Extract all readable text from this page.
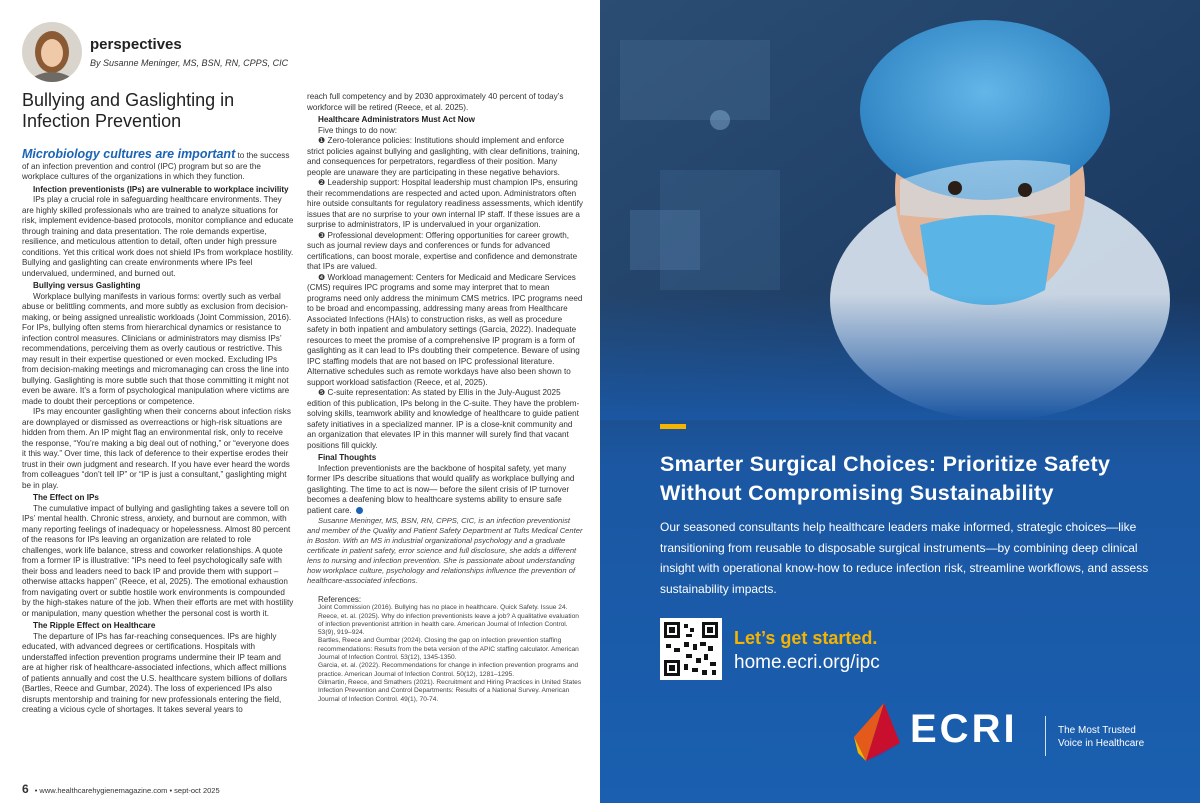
perspectives
By Susanne Meninger, MS, BSN, RN, CPPS, CIC
Bullying and Gaslighting in Infection Prevention

Microbiology cultures are important to the success of an infection prevention and control (IPC) program but so are the workplace cultures of the organizations in which they function.

Infection preventionists (IPs) are vulnerable to workplace incivility

IPs play a crucial role in safeguarding healthcare environments. They are highly skilled professionals who are trained to analyze situations for risk, implement evidence-based protocols, monitor compliance and educate through training and data presentation. The role demands expertise, resilience, and meticulous attention to detail, often under high pressure conditions. Yet this critical work does not shield IPs from workplace hostility. Bullying and gaslighting can create environments where IPs feel undervalued, undermined, and burned out.

Bullying versus Gaslighting

Workplace bullying manifests in various forms: overtly such as verbal abuse or belittling comments, and more subtly as exclusion from decision-making, or being assigned unrealistic workloads (Joint Commission, 2016). For IPs, bullying often stems from hierarchical dynamics or resistance to infection control measures. Clinicians or administrators may dismiss IPs’ recommendations, perceiving them as overly cautious or restrictive. This may result in their expertise questioned or even mocked. Excluding IPs from decision-making meetings and micromanaging can cross the line into bullying. Gaslighting is more subtle such that those committing it might not even be aware. It’s a form of psychological manipulation where victims are made to doubt their perceptions or competence.

IPs may encounter gaslighting when their concerns about infection risks are downplayed or dismissed as overreactions or high-risk situations are hidden from them. An IP might flag an environmental risk, only to receive the response, “You’re making a big deal out of nothing,” or “everyone does it this way.” Over time, this lack of deference to their expertise erodes their trust in their own judgment and research. If you have ever heard the words from colleagues “don’t tell IP” or “IP is just a consultant,” gaslighting might be in play.

The Effect on IPs

The cumulative impact of bullying and gaslighting takes a severe toll on IPs’ mental health. Chronic stress, anxiety, and burnout are common, with many reporting feelings of inadequacy or hopelessness. Almost 80 percent of the reasons for IPs leaving an organization are related to role challenges, work life balance, stress and coworker relationships. A quote from a former IP is illustrative: “IPs need to feel psychologically safe with their boss and leaders need to back IP and provide them with support – otherwise attacks happen” (Reece, et al, 2025). The emotional exhaustion from navigating overt or subtle hostile work environments is compounded by the high-stakes nature of the job. When their efforts are met with hostility or manipulation, many question whether the personal cost is worth it.

The Ripple Effect on Healthcare

The departure of IPs has far-reaching consequences. IPs are highly educated, with advanced degrees or certifications. Hospitals with understaffed infection prevention programs undermine their IP team and are at higher risk of healthcare-associated infections, which affect millions of patients annually and cost the U.S. healthcare system billions of dollars (Bartles, Reece and Gumbar, 2024). The loss of experienced IPs also disrupts mentorship and training for new professionals entering the field, creating a vicious cycle of shortages. It takes several years to

reach full competency and by 2030 approximately 40 percent of today’s workforce will be retired (Reece, et al. 2025).

Healthcare Administrators Must Act Now

Five things to do now:

❶ Zero-tolerance policies: Institutions should implement and enforce strict policies against bullying and gaslighting, with clear definitions, training, and consequences for perpetrators, regardless of their position. Many people are unaware they are participating in these negative behaviors.

❷ Leadership support: Hospital leadership must champion IPs, ensuring their recommendations are respected and acted upon. Administrators often hire outside consultants for regulatory readiness assessments, which identify issues that are no surprise to your own internal IP staff. If these issues are a surprise to administrators, IP is undervalued in your organization.

❸ Professional development: Offering opportunities for career growth, such as journal review days and conferences or funds for advanced certifications, can boost morale, expertise and confidence and demonstrate that IPs are valued.

❹ Workload management: Centers for Medicaid and Medicare Services (CMS) requires IPC programs and some may interpret that to mean programs need only address the minimum CMS metrics. IPC programs need to be broad and encompassing, addressing many areas from Healthcare Associated Infections (HAIs) to construction risks, as well as procedure safety in both inpatient and ambulatory settings (Garcia, 2022). Inadequate resources to meet the promise of a comprehensive IP program is a form of gaslighting as it can lead to IPs doubting their competence. Beware of using IPC staffing models that are not based on IPC professional literature. Alternative schedules such as remote workdays have also been shown to support workload satisfaction (Reece, et al, 2025).

❺ C-suite representation: As stated by Ellis in the July-August 2025 edition of this publication, IPs belong in the C-suite. They have the problem-solving skills, teamwork ability and knowledge of healthcare to guide patient safety initiatives in a specialized manner. IP is a close-knit community and an organization that elevates IP in this manner will surely find that vacant positions fill quickly.

Final Thoughts

Infection preventionists are the backbone of hospital safety, yet many former IPs describe situations that would qualify as workplace bullying and gaslighting. The time to act is now— before the silent crisis of IP turnover becomes a deafening blow to healthcare systems ability to ensure safe patient care.

Susanne Meninger, MS, BSN, RN, CPPS, CIC, is an infection preventionist and member of the Quality and Patient Safety Department at Tufts Medical Center in Boston. With an MS in industrial organizational psychology and a graduate certificate in patient safety, error science and full disclosure, she adds a different lens to nursing and infection prevention. She is passionate about understanding how workplace culture, psychology and relationships influence the prevention of healthcare-associated infections.

References:
Joint Commission (2016). Bullying has no place in healthcare. Quick Safety. Issue 24.
Reece, et. al. (2025). Why do infection preventionists leave a job? A qualitative evaluation of infection preventionist attrition in health care. American Journal of Infection Control. 53(9), 919–924.
Bartles, Reece and Gumbar (2024). Closing the gap on infection prevention staffing recommendations: Results from the beta version of the APIC staffing calculator. American Journal of Infection Control. 53(12), 1345-1350.
Garcia, et. al. (2022). Recommendations for change in infection prevention programs and practice. American Journal of Infection Control. 50(12), 1281–1295.
Gilmartin, Reece, and Smathers (2021). Recruitment and Hiring Practices in United States Infection Prevention and Control Departments: Results of a National Survey. American Journal of Infection Control. 49(1), 70-74.
6 • www.healthcarehygienemagazine.com • sept-oct 2025
Smarter Surgical Choices: Prioritize Safety Without Compromising Sustainability
Our seasoned consultants help healthcare leaders make informed, strategic choices—like transitioning from reusable to disposable surgical instruments—by combining deep clinical insight with operational know-how to reduce infection risk, streamline workflows, and assess sustainability impacts.
Let’s get started.
home.ecri.org/ipc
ECRI	The Most Trusted
Voice in Healthcare
